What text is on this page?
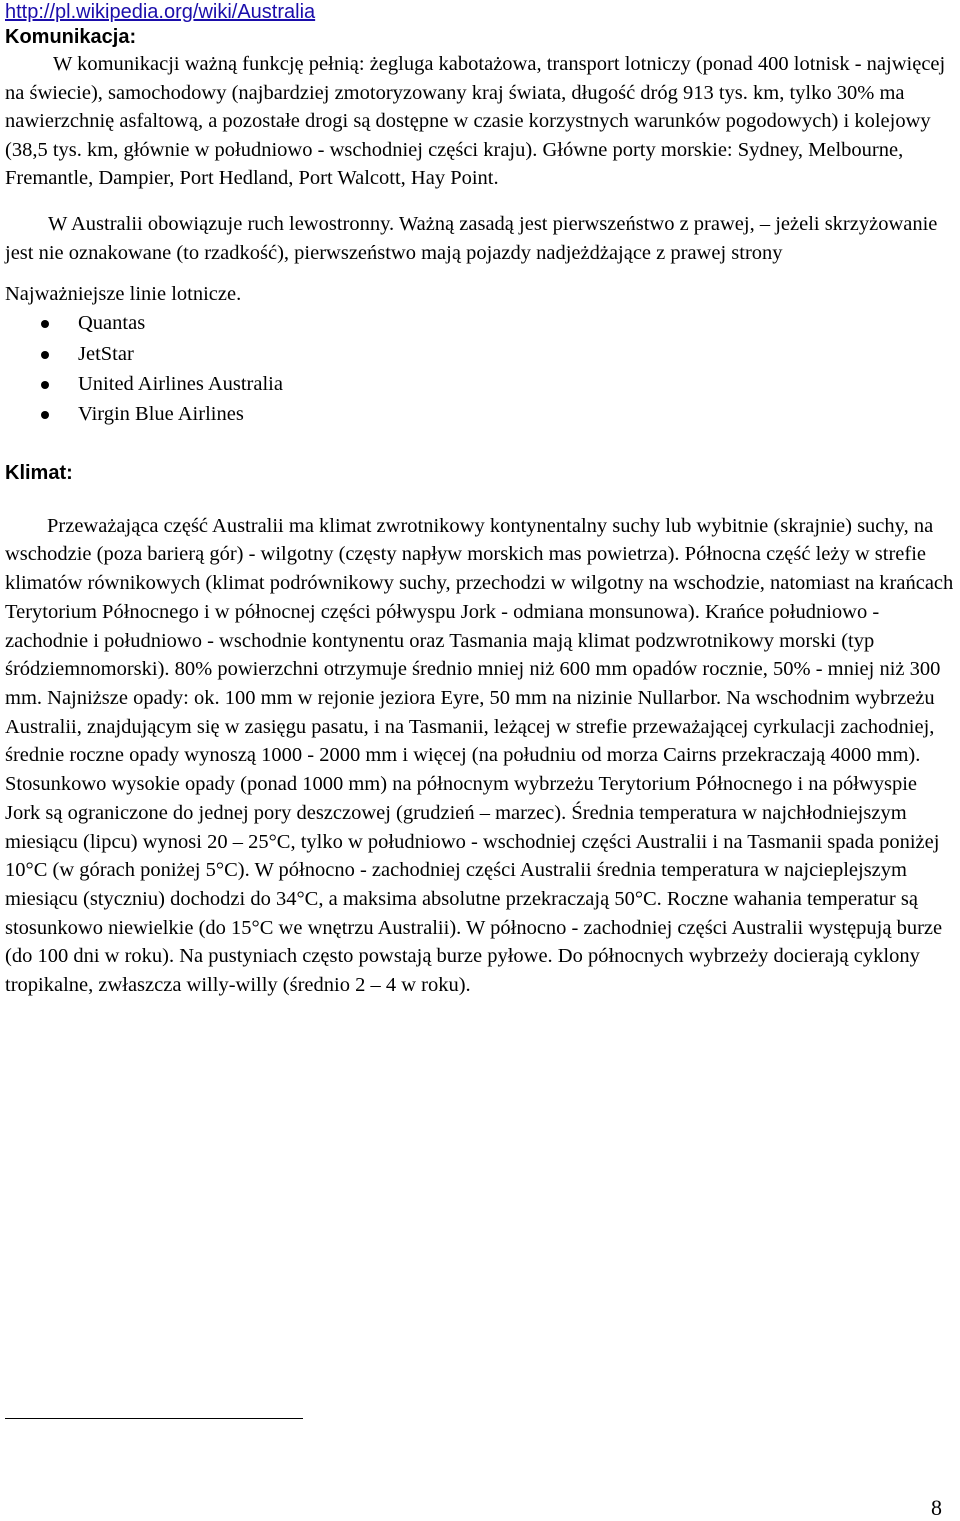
http://pl.wikipedia.org/wiki/Australia
Komunikacja:

W komunikacji ważną funkcję pełnią: żegluga kabotażowa, transport lotniczy (ponad 400 lotnisk - najwięcej na świecie), samochodowy (najbardziej zmotoryzowany kraj świata, długość dróg 913 tys. km, tylko 30% ma nawierzchnię asfaltową, a pozostałe drogi są dostępne w czasie korzystnych warunków pogodowych) i kolejowy (38,5 tys. km, głównie w południowo - wschodniej części kraju). Główne porty morskie: Sydney, Melbourne, Fremantle, Dampier, Port Hedland, Port Walcott, Hay Point.

W Australii obowiązuje ruch lewostronny. Ważną zasadą jest pierwszeństwo z prawej, – jeżeli skrzyżowanie jest nie oznakowane (to rzadkość), pierwszeństwo mają pojazdy nadjeżdżające z prawej strony

Najważniejsze linie lotnicze.

Quantas
JetStar
United Airlines Australia
Virgin Blue Airlines
Klimat:

Przeważająca część Australii ma klimat zwrotnikowy kontynentalny suchy lub wybitnie (skrajnie) suchy, na wschodzie (poza barierą gór) - wilgotny (częsty napływ morskich mas powietrza). Północna część leży w strefie klimatów równikowych (klimat podrównikowy suchy, przechodzi w wilgotny na wschodzie, natomiast na krańcach Terytorium Północnego i w północnej części półwyspu Jork - odmiana monsunowa). Krańce południowo - zachodnie i południowo - wschodnie kontynentu oraz Tasmania mają klimat podzwrotnikowy morski (typ śródziemnomorski). 80% powierzchni otrzymuje średnio mniej niż 600 mm opadów rocznie, 50% - mniej niż 300 mm. Najniższe opady: ok. 100 mm w rejonie jeziora Eyre, 50 mm na nizinie Nullarbor. Na wschodnim wybrzeżu Australii, znajdującym się w zasięgu pasatu, i na Tasmanii, leżącej w strefie przeważającej cyrkulacji zachodniej, średnie roczne opady wynoszą 1000 - 2000 mm i więcej (na południu od morza Cairns przekraczają 4000 mm). Stosunkowo wysokie opady (ponad 1000 mm) na północnym wybrzeżu Terytorium Północnego i na półwyspie Jork są ograniczone do jednej pory deszczowej (grudzień – marzec). Średnia temperatura w najchłodniejszym miesiącu (lipcu) wynosi 20 – 25°C, tylko w południowo - wschodniej części Australii i na Tasmanii spada poniżej 10°C (w górach poniżej 5°C). W północno - zachodniej części Australii średnia temperatura w najcieplejszym miesiącu (styczniu) dochodzi do 34°C, a maksima absolutne przekraczają 50°C. Roczne wahania temperatur są stosunkowo niewielkie (do 15°C we wnętrzu Australii). W północno - zachodniej części Australii występują burze (do 100 dni w roku). Na pustyniach często powstają burze pyłowe. Do północnych wybrzeży docierają cyklony tropikalne, zwłaszcza willy-willy (średnio 2 – 4 w roku).

8
